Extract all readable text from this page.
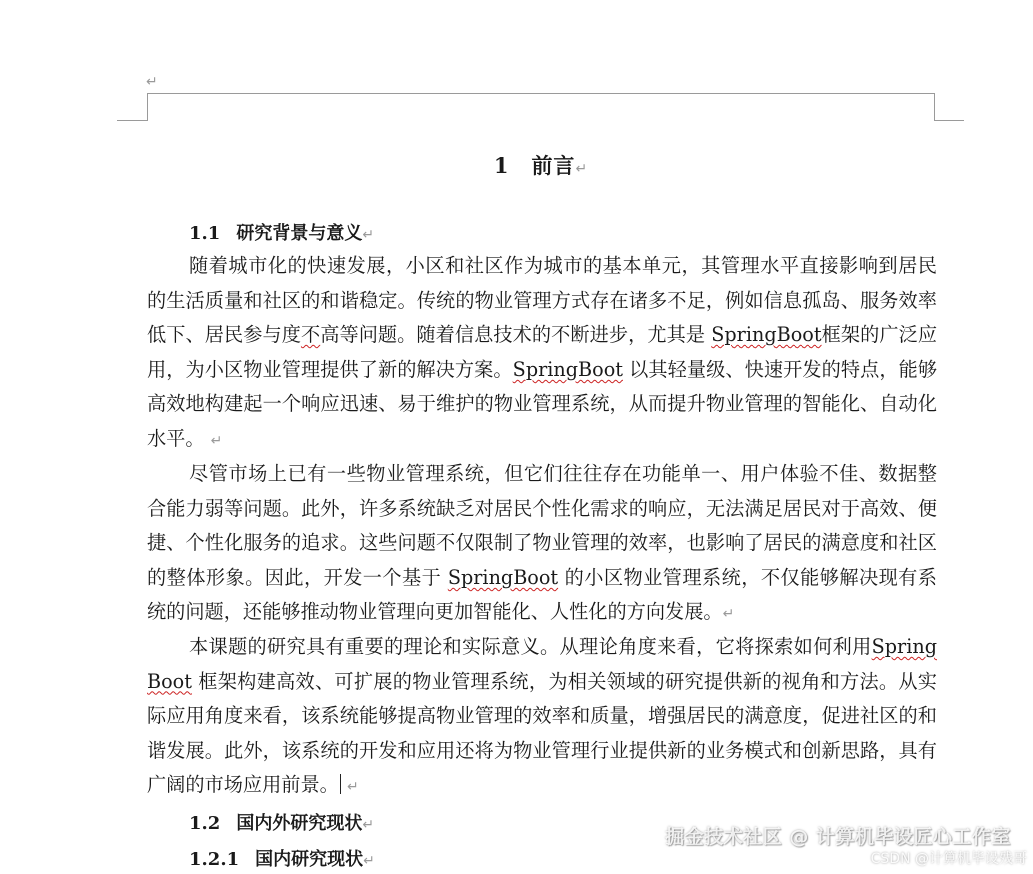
↵
1 前言↵
1.1 研究背景与意义↵
随着城市化的快速发展，小区和社区作为城市的基本单元，其管理水平直接影响到居民的生活质量和社区的和谐稳定。传统的物业管理方式存在诸多不足，例如信息孤岛、服务效率低下、居民参与度不高等问题。随着信息技术的不断进步，尤其是 SpringBoot框架的广泛应用，为小区物业管理提供了新的解决方案。SpringBoot 以其轻量级、快速开发的特点，能够高效地构建起一个响应迅速、易于维护的物业管理系统，从而提升物业管理的智能化、自动化水平。 ↵
尽管市场上已有一些物业管理系统，但它们往往存在功能单一、用户体验不佳、数据整合能力弱等问题。此外，许多系统缺乏对居民个性化需求的响应，无法满足居民对于高效、便捷、个性化服务的追求。这些问题不仅限制了物业管理的效率，也影响了居民的满意度和社区的整体形象。因此，开发一个基于 SpringBoot 的小区物业管理系统，不仅能够解决现有系统的问题，还能够推动物业管理向更加智能化、人性化的方向发展。↵
本课题的研究具有重要的理论和实际意义。从理论角度来看，它将探索如何利用SpringBoot 框架构建高效、可扩展的物业管理系统，为相关领域的研究提供新的视角和方法。从实际应用角度来看，该系统能够提高物业管理的效率和质量，增强居民的满意度，促进社区的和谐发展。此外，该系统的开发和应用还将为物业管理行业提供新的业务模式和创新思路，具有广阔的市场应用前景。 ↵
1.2 国内外研究现状↵
1.2.1 国内研究现状↵
掘金技术社区 @ 计算机毕设匠心工作室
CSDN @计算机毕设残哥
